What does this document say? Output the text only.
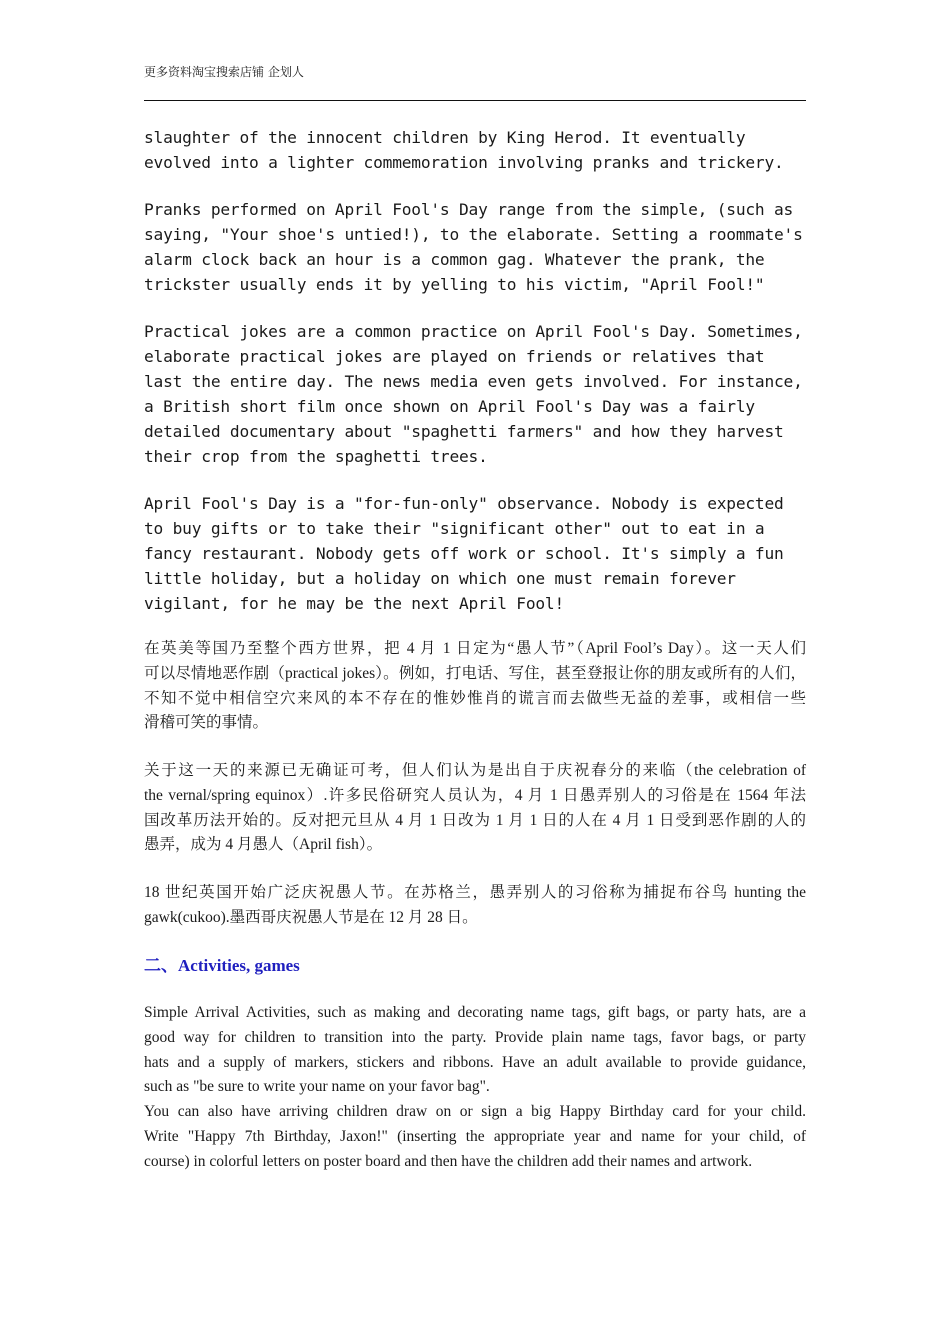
更多资料淘宝搜索店铺 企划人
slaughter of the innocent children by King Herod. It eventually
evolved into a lighter commemoration involving pranks and trickery.
Pranks performed on April Fool's Day range from the simple, (such as
saying, "Your shoe's untied!), to the elaborate. Setting a roommate's
alarm clock back an hour is a common gag. Whatever the prank, the
trickster usually ends it by yelling to his victim, "April Fool!"
Practical jokes are a common practice on April Fool's Day. Sometimes,
elaborate practical jokes are played on friends or relatives that
last the entire day. The news media even gets involved. For instance,
a British short film once shown on April Fool's Day was a fairly
detailed documentary about "spaghetti farmers" and how they harvest
their crop from the spaghetti trees.
April Fool's Day is a "for-fun-only" observance. Nobody is expected
to buy gifts or to take their "significant other" out to eat in a
fancy restaurant. Nobody gets off work or school. It's simply a fun
little holiday, but a holiday on which one must remain forever
vigilant, for he may be the next April Fool!

在英美等国乃至整个西方世界，把 4 月 1 日定为“愚人节”（April Fool’s Day）。这一天人们
可以尽情地恶作剧（practical jokes）。例如，打电话、写住，甚至登报让你的朋友或所有的人们，
不知不觉中相信空穴来风的本不存在的惟妙惟肖的谎言而去做些无益的差事，或相信一些
滑稽可笑的事情。

关于这一天的来源已无确证可考，但人们认为是出自于庆祝春分的来临（the celebration of
the vernal/spring equinox）.许多民俗研究人员认为，4 月 1 日愚弄别人的习俗是在 1564 年法
国改革历法开始的。反对把元旦从 4 月 1 日改为 1 月 1 日的人在 4 月 1 日受到恶作剧的人的
愚弄，成为 4 月愚人（April fish）。

18 世纪英国开始广泛庆祝愚人节。在苏格兰，愚弄别人的习俗称为捕捉布谷鸟 hunting the
gawk(cukoo).墨西哥庆祝愚人节是在 12 月 28 日。

二、Activities, games

Simple Arrival Activities, such as making and decorating name tags, gift bags, or party hats, are a
good way for children to transition into the party. Provide plain name tags, favor bags, or party
hats and a supply of markers, stickers and ribbons. Have an adult available to provide guidance,
such as "be sure to write your name on your favor bag".

You can also have arriving children draw on or sign a big Happy Birthday card for your child.
Write "Happy 7th Birthday, Jaxon!" (inserting the appropriate year and name for your child, of
course) in colorful letters on poster board and then have the children add their names and artwork.
